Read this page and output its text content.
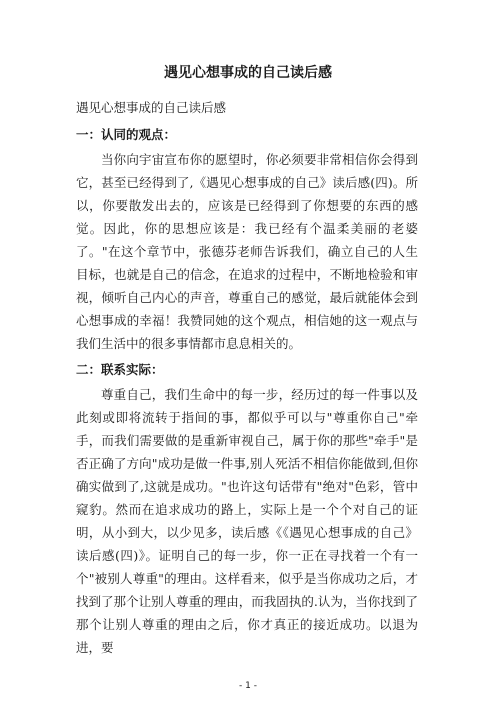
遇见心想事成的自己读后感
遇见心想事成的自己读后感
一：认同的观点：

当你向宇宙宣布你的愿望时，你必须要非常相信你会得到它，甚至已经得到了,《遇见心想事成的自己》读后感(四)。所以，你要散发出去的，应该是已经得到了你想要的东西的感觉。因此，你的思想应该是：我已经有个温柔美丽的老婆了。"在这个章节中，张德芬老师告诉我们，确立自己的人生目标，也就是自己的信念，在追求的过程中，不断地检验和审视，倾听自己内心的声音，尊重自己的感觉，最后就能体会到心想事成的幸福！我赞同她的这个观点，相信她的这一观点与我们生活中的很多事情都市息息相关的。

二：联系实际：

尊重自己，我们生命中的每一步，经历过的每一件事以及此刻或即将流转于指间的事，都似乎可以与"尊重你自己"牵手，而我们需要做的是重新审视自己，属于你的那些"牵手"是否正确了方向"成功是做一件事,别人死活不相信你能做到,但你确实做到了,这就是成功。"也许这句话带有"绝对"色彩，管中窥豹。然而在追求成功的路上，实际上是一个个对自己的证明，从小到大，以少见多，读后感《《遇见心想事成的自己》读后感(四)》。证明自己的每一步，你一正在寻找着一个有一个"被别人尊重"的理由。这样看来，似乎是当你成功之后，才找到了那个让别人尊重的理由，而我固执的.认为，当你找到了那个让别人尊重的理由之后，你才真正的接近成功。以退为进，要

- 1 -
